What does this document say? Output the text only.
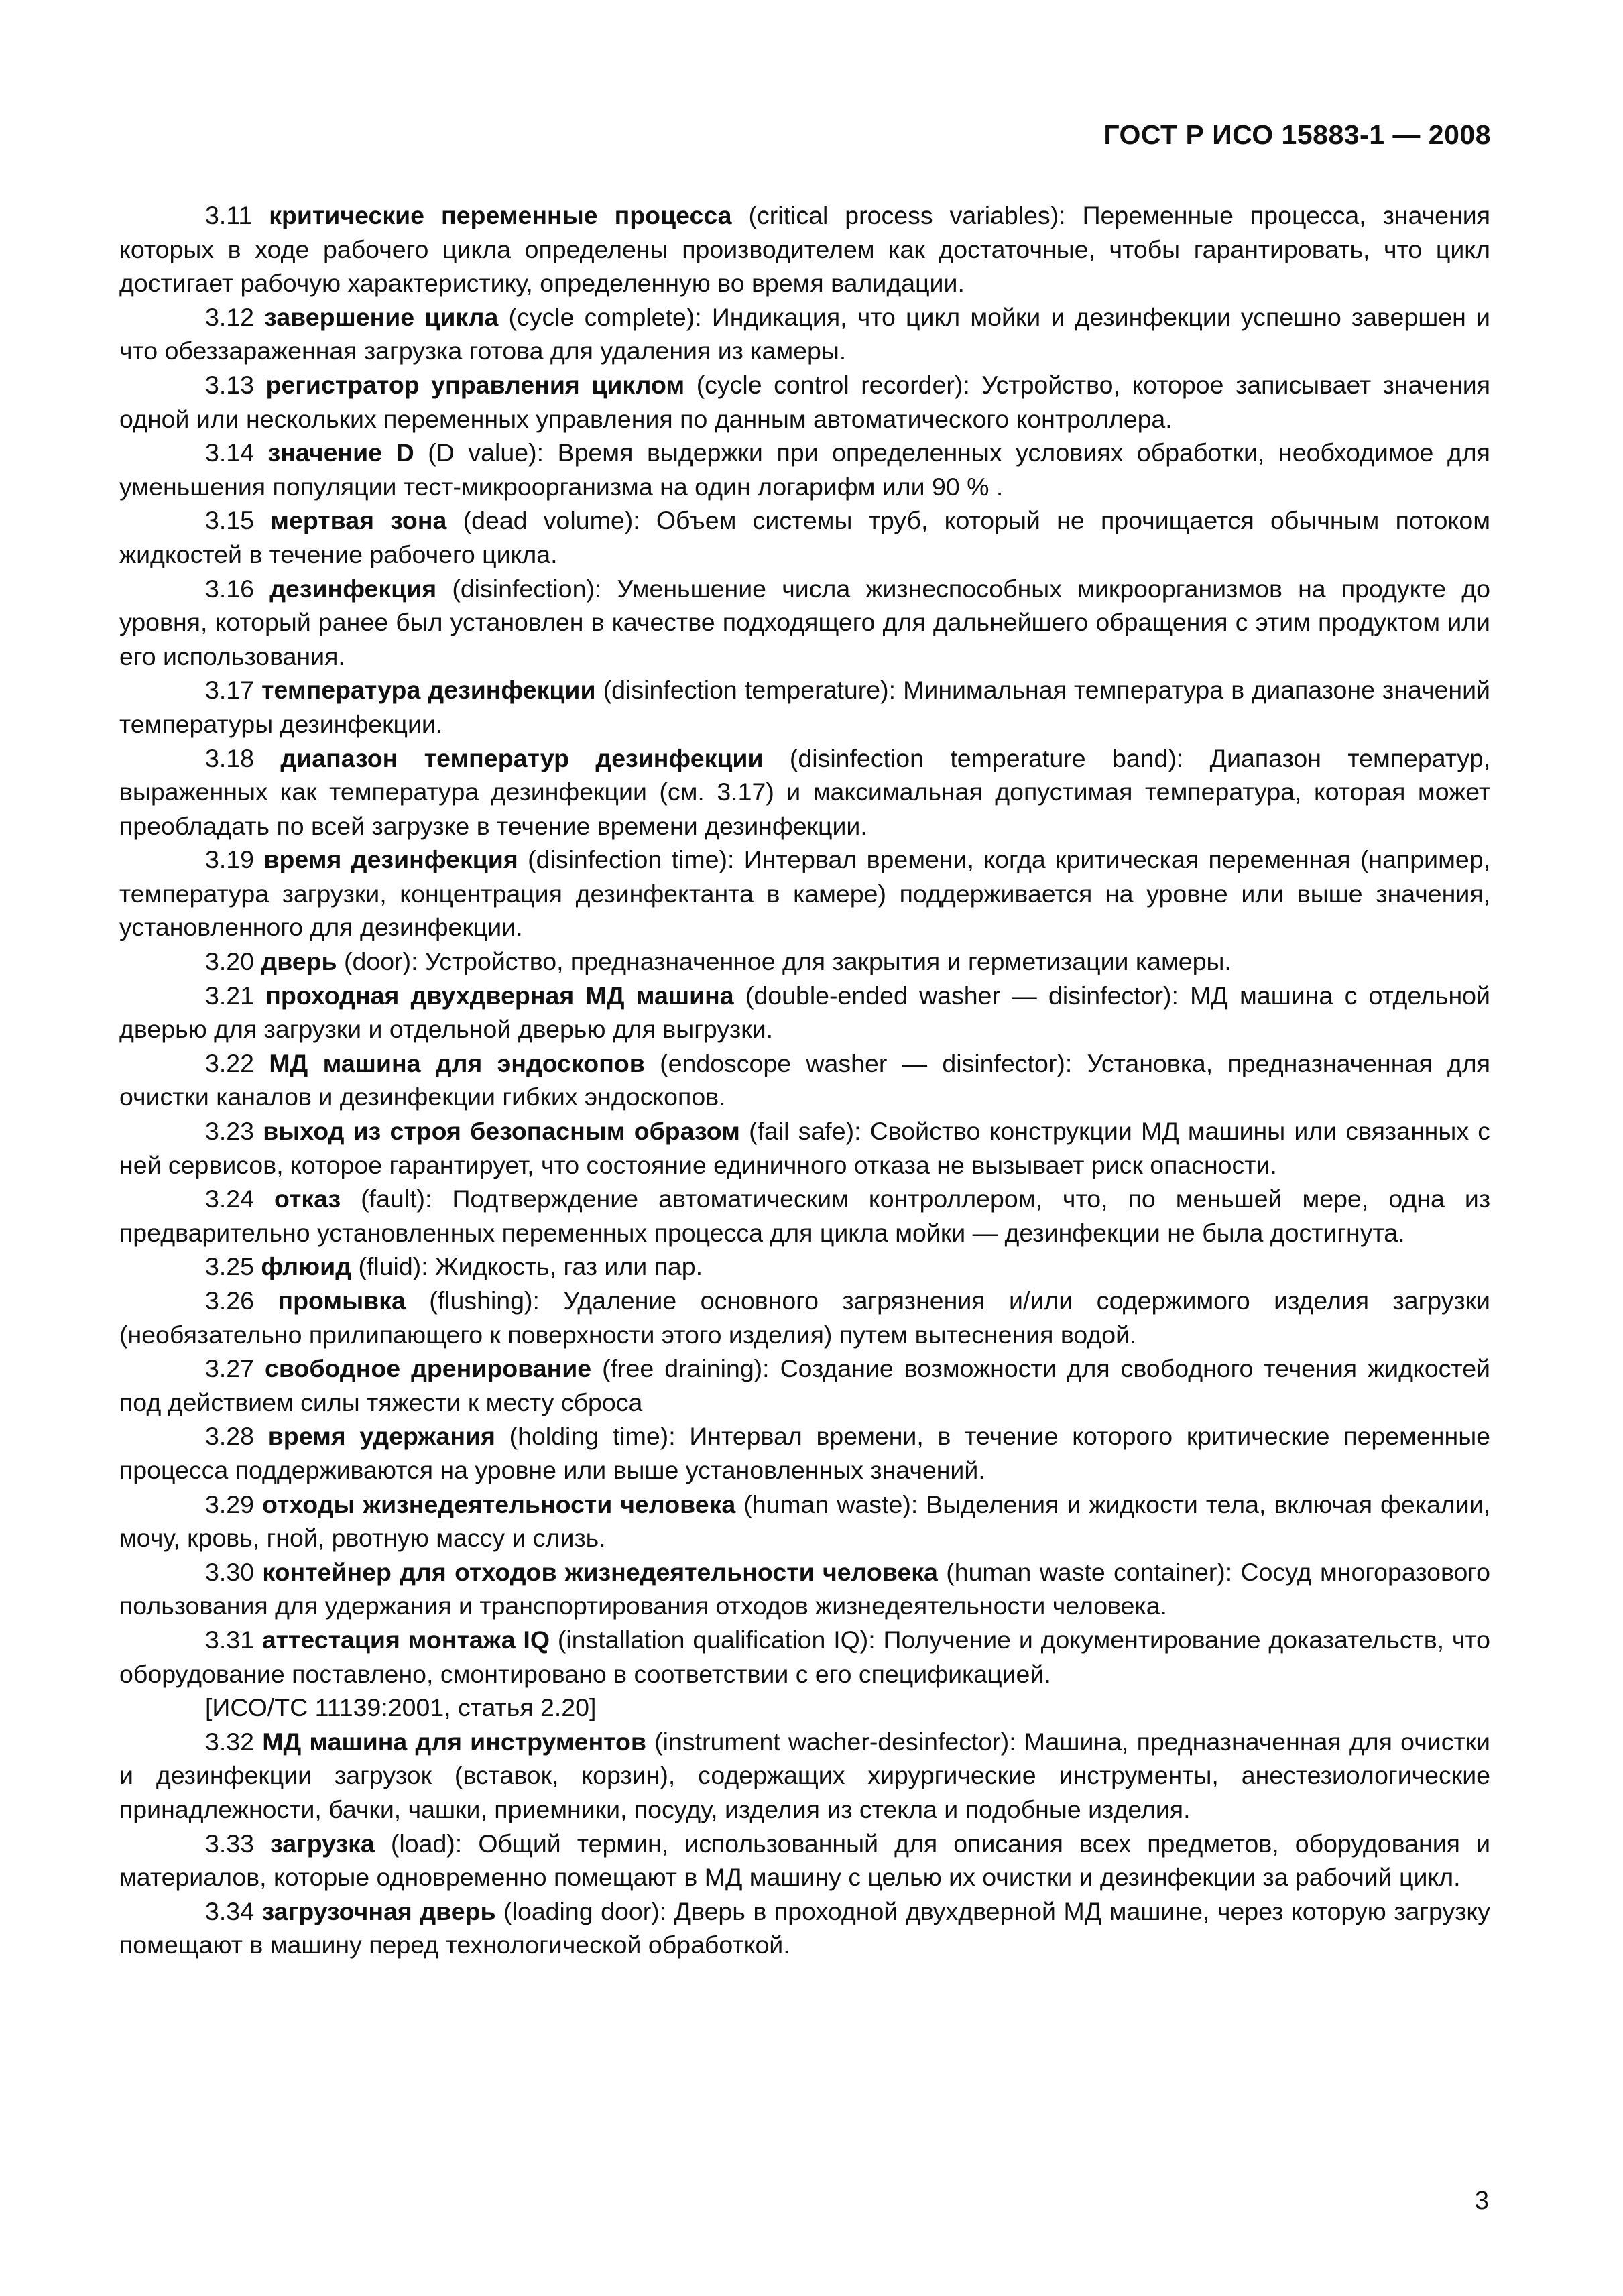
ГОСТ Р ИСО 15883-1 — 2008

3.11 критические переменные процесса (critical process variables): Переменные процесса, значения которых в ходе рабочего цикла определены производителем как достаточные, чтобы гарантировать, что цикл достигает рабочую характеристику, определенную во время валидации.

3.12 завершение цикла (cycle complete): Индикация, что цикл мойки и дезинфекции успешно завершен и что обеззараженная загрузка готова для удаления из камеры.

3.13 регистратор управления циклом (cycle control recorder): Устройство, которое записывает значения одной или нескольких переменных управления по данным автоматического контроллера.

3.14 значение D (D value): Время выдержки при определенных условиях обработки, необходимое для уменьшения популяции тест-микроорганизма на один логарифм или 90 % .

3.15 мертвая зона (dead volume): Объем системы труб, который не прочищается обычным потоком жидкостей в течение рабочего цикла.

3.16 дезинфекция (disinfection): Уменьшение числа жизнеспособных микроорганизмов на продукте до уровня, который ранее был установлен в качестве подходящего для дальнейшего обращения с этим продуктом или его использования.

3.17 температура дезинфекции (disinfection temperature): Минимальная температура в диапазоне значений температуры дезинфекции.

3.18 диапазон температур дезинфекции (disinfection temperature band): Диапазон температур, выраженных как температура дезинфекции (см. 3.17) и максимальная допустимая температура, которая может преобладать по всей загрузке в течение времени дезинфекции.

3.19 время дезинфекция (disinfection time): Интервал времени, когда критическая переменная (например, температура загрузки, концентрация дезинфектанта в камере) поддерживается на уровне или выше значения, установленного для дезинфекции.

3.20 дверь (door): Устройство, предназначенное для закрытия и герметизации камеры.

3.21 проходная двухдверная МД машина (double-ended washer — disinfector): МД машина с отдельной дверью для загрузки и отдельной дверью для выгрузки.

3.22 МД машина для эндоскопов (endoscope washer — disinfector): Установка, предназначенная для очистки каналов и дезинфекции гибких эндоскопов.

3.23 выход из строя безопасным образом (fail safe): Свойство конструкции МД машины или связанных с ней сервисов, которое гарантирует, что состояние единичного отказа не вызывает риск опасности.

3.24 отказ (fault): Подтверждение автоматическим контроллером, что, по меньшей мере, одна из предварительно установленных переменных процесса для цикла мойки — дезинфекции не была достигнута.

3.25 флюид (fluid): Жидкость, газ или пар.

3.26 промывка (flushing): Удаление основного загрязнения и/или содержимого изделия загрузки (необязательно прилипающего к поверхности этого изделия) путем вытеснения водой.

3.27 свободное дренирование (free draining): Создание возможности для свободного течения жидкостей под действием силы тяжести к месту сброса

3.28 время удержания (holding time): Интервал времени, в течение которого критические переменные процесса поддерживаются на уровне или выше установленных значений.

3.29 отходы жизнедеятельности человека (human waste): Выделения и жидкости тела, включая фекалии, мочу, кровь, гной, рвотную массу и слизь.

3.30 контейнер для отходов жизнедеятельности человека (human waste container): Сосуд многоразового пользования для удержания и транспортирования отходов жизнедеятельности человека.

3.31 аттестация монтажа IQ (installation qualification IQ): Получение и документирование доказательств, что оборудование поставлено, смонтировано в соответствии с его спецификацией.

[ИСО/ТС 11139:2001, статья 2.20]

3.32 МД машина для инструментов (instrument wacher-desinfector): Машина, предназначенная для очистки и дезинфекции загрузок (вставок, корзин), содержащих хирургические инструменты, анестезиологические принадлежности, бачки, чашки, приемники, посуду, изделия из стекла и подобные изделия.

3.33 загрузка (load): Общий термин, использованный для описания всех предметов, оборудования и материалов, которые одновременно помещают в МД машину с целью их очистки и дезинфекции за рабочий цикл.

3.34 загрузочная дверь (loading door): Дверь в проходной двухдверной МД машине, через которую загрузку помещают в машину перед технологической обработкой.

3
